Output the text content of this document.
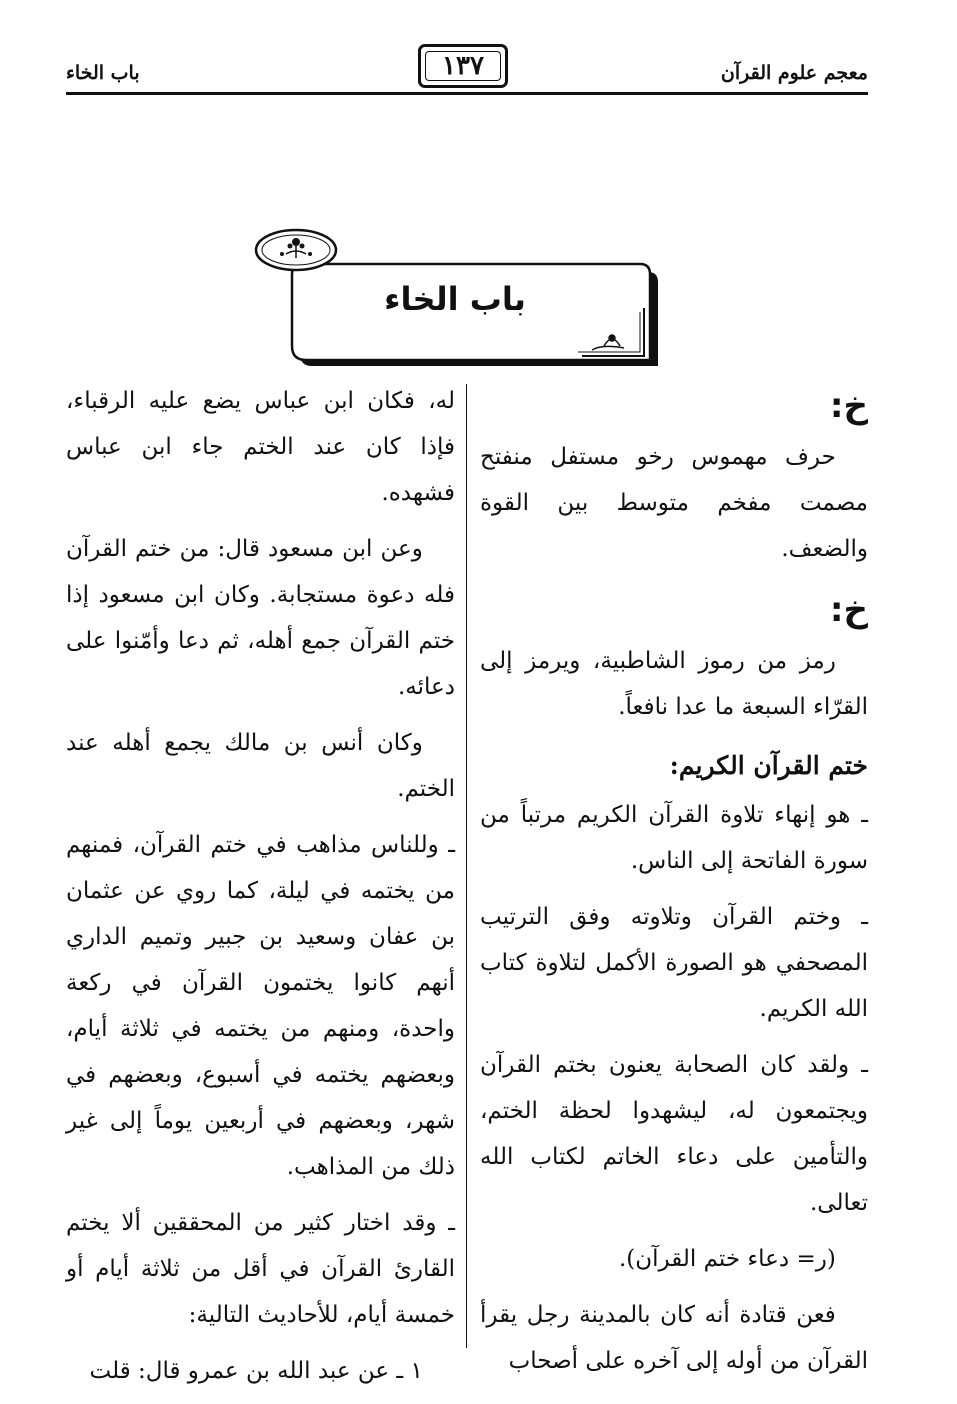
معجم علوم القرآن
١٣٧
باب الخاء
باب الخاء
خ:

حرف مهموس رخو مستفل منفتح مصمت مفخم متوسط بين القوة والضعف.

خ:

رمز من رموز الشاطبية، ويرمز إلى القرّاء السبعة ما عدا نافعاً.

ختم القرآن الكريم:

ـ هو إنهاء تلاوة القرآن الكريم مرتباً من سورة الفاتحة إلى الناس.

ـ وختم القرآن وتلاوته وفق الترتيب المصحفي هو الصورة الأكمل لتلاوة كتاب الله الكريم.

ـ ولقد كان الصحابة يعنون بختم القرآن ويجتمعون له، ليشهدوا لحظة الختم، والتأمين على دعاء الخاتم لكتاب الله تعالى.

(ر= دعاء ختم القرآن).

فعن قتادة أنه كان بالمدينة رجل يقرأ القرآن من أوله إلى آخره على أصحاب

له، فكان ابن عباس يضع عليه الرقباء، فإذا كان عند الختم جاء ابن عباس فشهده.

وعن ابن مسعود قال: من ختم القرآن فله دعوة مستجابة. وكان ابن مسعود إذا ختم القرآن جمع أهله، ثم دعا وأمّنوا على دعائه.

وكان أنس بن مالك يجمع أهله عند الختم.

ـ وللناس مذاهب في ختم القرآن، فمنهم من يختمه في ليلة، كما روي عن عثمان بن عفان وسعيد بن جبير وتميم الداري أنهم كانوا يختمون القرآن في ركعة واحدة، ومنهم من يختمه في ثلاثة أيام، وبعضهم يختمه في أسبوع، وبعضهم في شهر، وبعضهم في أربعين يوماً إلى غير ذلك من المذاهب.

ـ وقد اختار كثير من المحققين ألا يختم القارئ القرآن في أقل من ثلاثة أيام أو خمسة أيام، للأحاديث التالية:

١ ـ عن عبد الله بن عمرو قال: قلت
